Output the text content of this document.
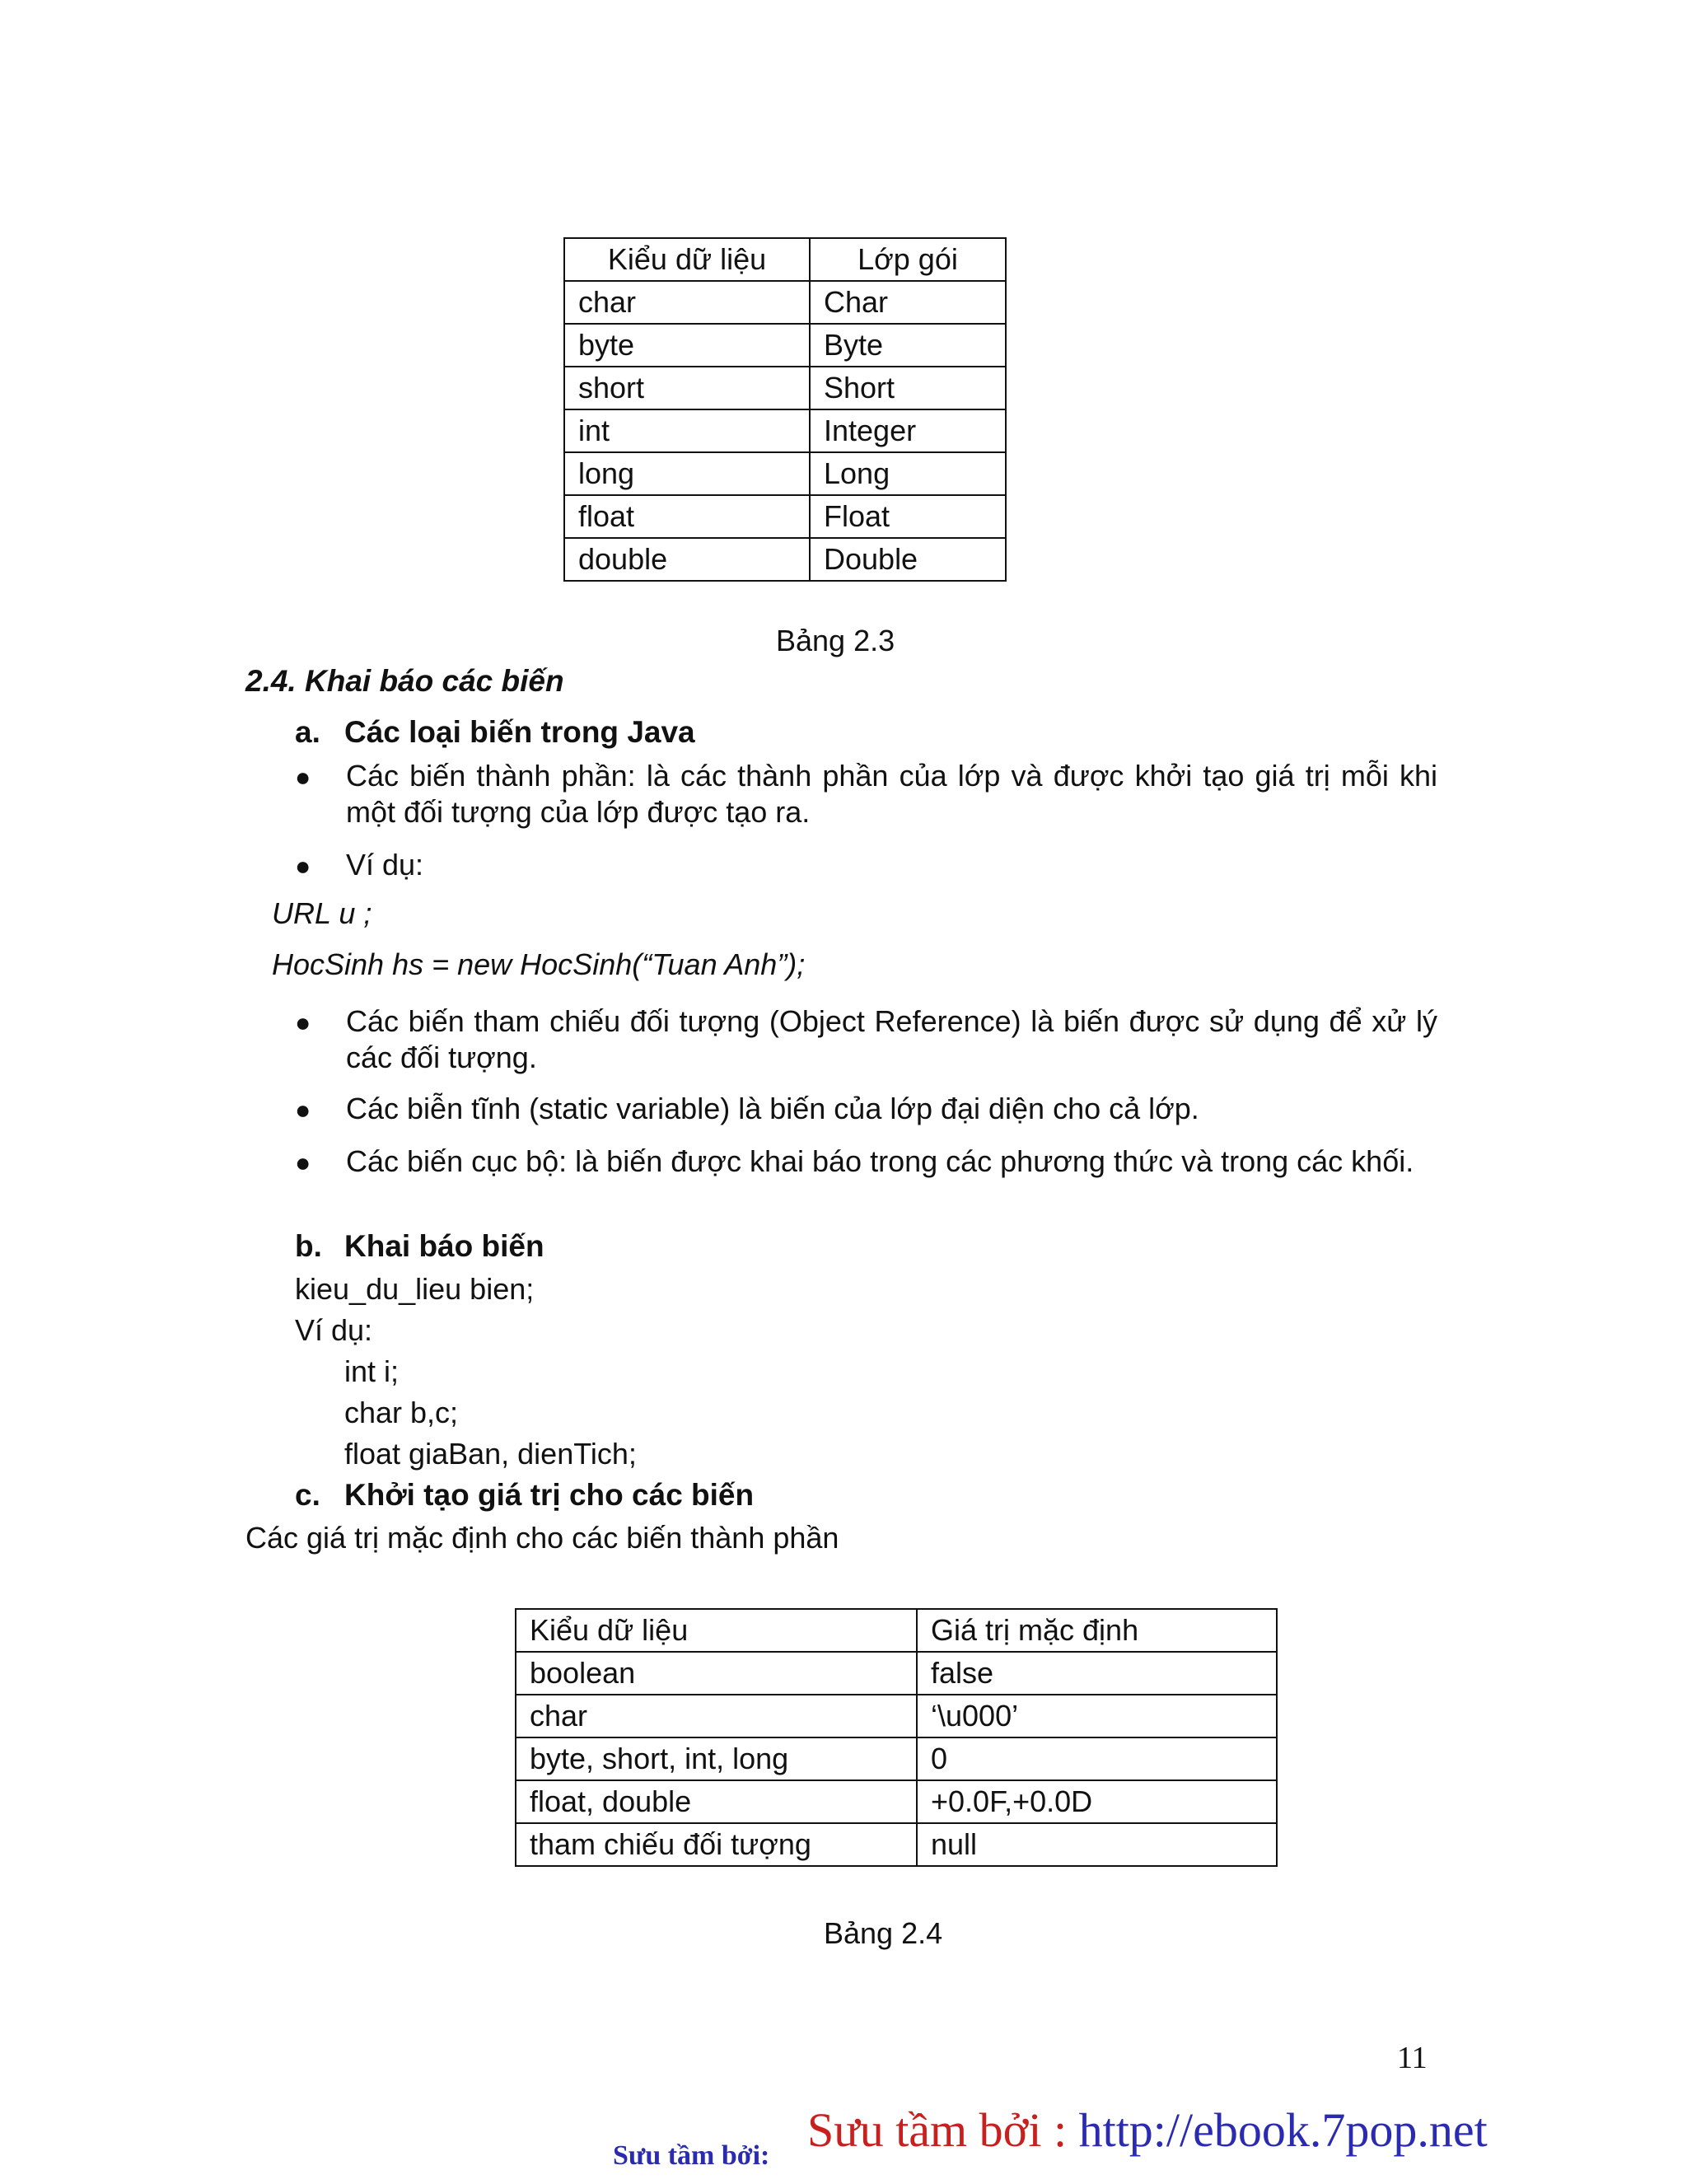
Kiểu dữ liệu	Lớp gói
char	Char
byte	Byte
short	Short
int	Integer
long	Long
float	Float
double	Double
Bảng 2.3
2.4. Khai báo các biến
a. Các loại biến trong Java
● Các biến thành phần: là các thành phần của lớp và được khởi tạo giá trị mỗi khi một đối tượng của lớp được tạo ra.
● Ví dụ:
URL u ;
HocSinh hs = new HocSinh(“Tuan Anh”);
● Các biến tham chiếu đối tượng (Object Reference) là biến được sử dụng để xử lý các đối tượng.
● Các biễn tĩnh (static variable) là biến của lớp đại diện cho cả lớp.
● Các biến cục bộ: là biến được khai báo trong các phương thức và trong các khối.
b. Khai báo biến
kieu_du_lieu bien;
Ví dụ:
int i;
char b,c;
float giaBan, dienTich;
c. Khởi tạo giá trị cho các biến
Các giá trị mặc định cho các biến thành phần
Kiểu dữ liệu	Giá trị mặc định
boolean	false
char	‘\u000’
byte, short, int, long	0
float, double	+0.0F,+0.0D
tham chiếu đối tượng	null
Bảng 2.4
11
Sưu tầm bởi : http://ebook.7pop.net
Sưu tầm bởi:
